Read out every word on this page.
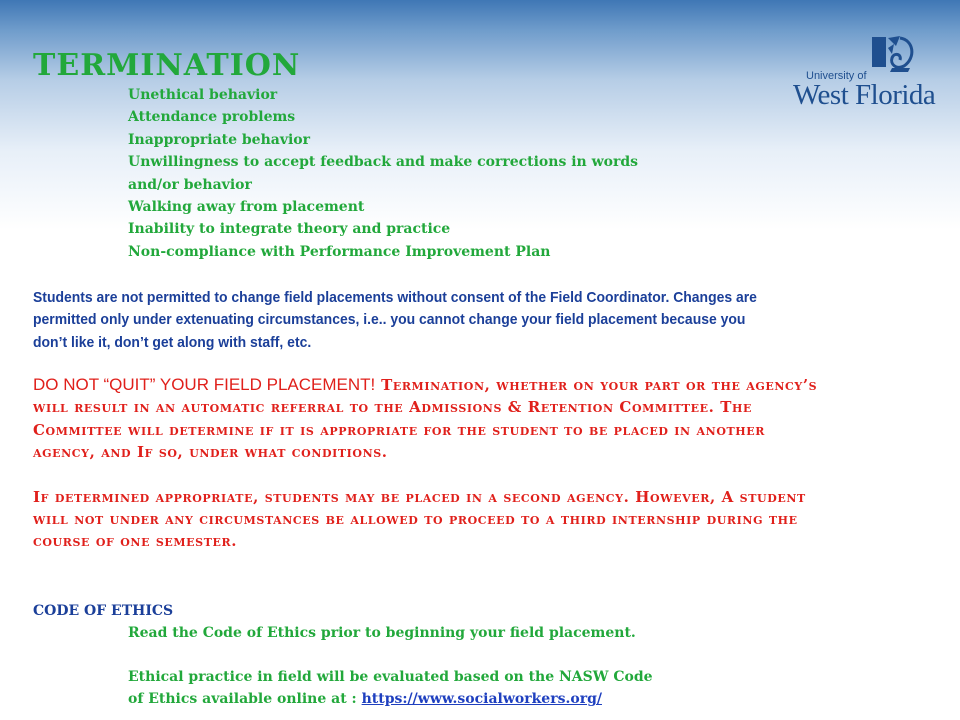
TERMINATION	University of
West Florida
Unethical behavior
Attendance problems
Inappropriate behavior
Unwillingness to accept feedback and make corrections in words
and/or behavior
Walking away from placement
Inability to integrate theory and practice
Non-compliance with Performance Improvement Plan

Students are not permitted to change field placements without consent of the Field Coordinator. Changes are permitted only under extenuating circumstances, i.e.. you cannot change your field placement because you don’t like it, don’t get along with staff, etc.

DO NOT “QUIT” YOUR FIELD PLACEMENT! Termination, whether on your part or the agency’s will result in an automatic referral to the Admissions & Retention Committee. The Committee will determine if it is appropriate for the student to be placed in another agency, and If so, under what conditions.

If determined appropriate, students may be placed in a second agency. However, A student will not under any circumstances be allowed to proceed to a third internship during the course of one semester.

CODE OF ETHICS
Read the Code of Ethics prior to beginning your field placement.
Ethical practice in field will be evaluated based on the NASW Code
of Ethics available online at : https://www.socialworkers.org/
